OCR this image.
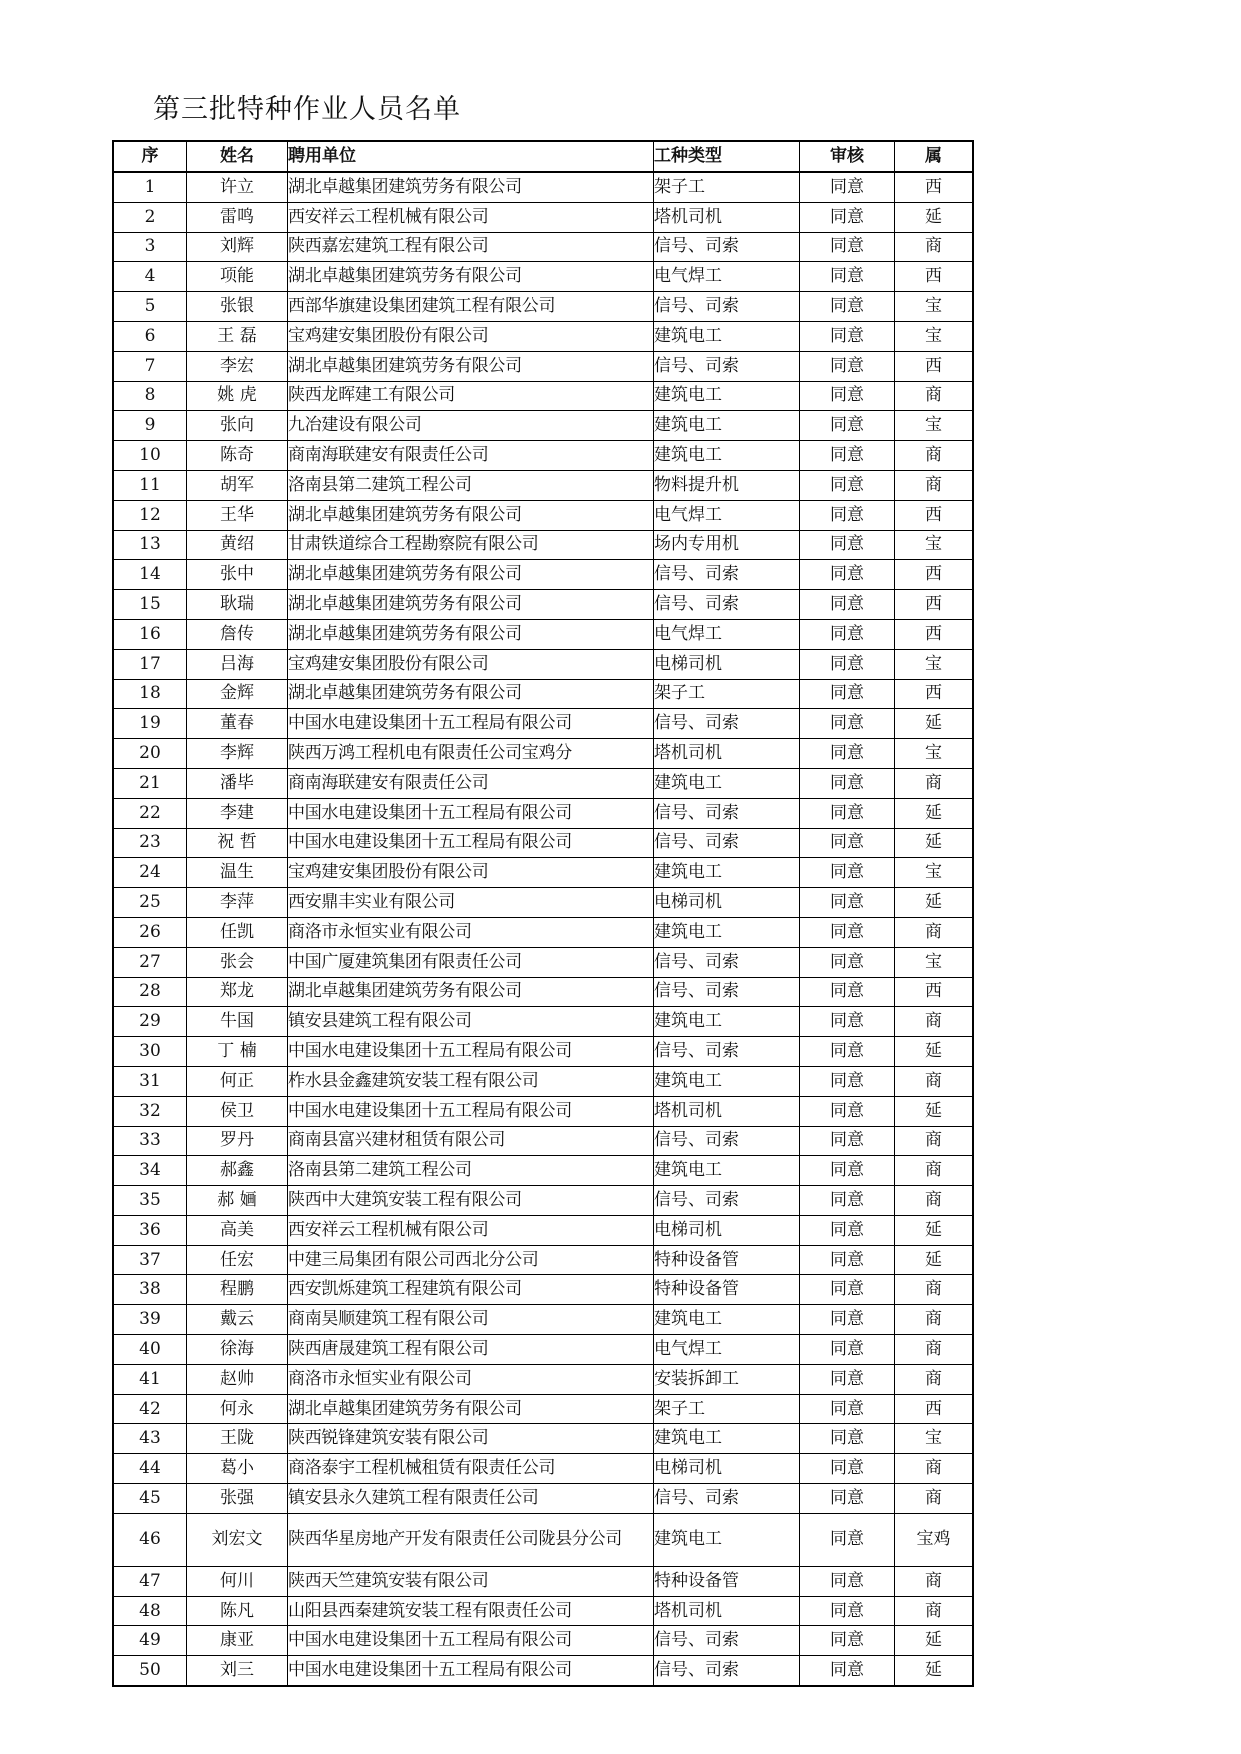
第三批特种作业人员名单
序	姓名	聘用单位	工种类型	审核	属
1	许立	湖北卓越集团建筑劳务有限公司	架子工	同意	西
2	雷鸣	西安祥云工程机械有限公司	塔机司机	同意	延
3	刘辉	陕西嘉宏建筑工程有限公司	信号、司索	同意	商
4	项能	湖北卓越集团建筑劳务有限公司	电气焊工	同意	西
5	张银	西部华旗建设集团建筑工程有限公司	信号、司索	同意	宝
6	王 磊	宝鸡建安集团股份有限公司	建筑电工	同意	宝
7	李宏	湖北卓越集团建筑劳务有限公司	信号、司索	同意	西
8	姚 虎	陕西龙晖建工有限公司	建筑电工	同意	商
9	张向	九冶建设有限公司	建筑电工	同意	宝
10	陈奇	商南海联建安有限责任公司	建筑电工	同意	商
11	胡军	洛南县第二建筑工程公司	物料提升机	同意	商
12	王华	湖北卓越集团建筑劳务有限公司	电气焊工	同意	西
13	黄绍	甘肃铁道综合工程勘察院有限公司	场内专用机	同意	宝
14	张中	湖北卓越集团建筑劳务有限公司	信号、司索	同意	西
15	耿瑞	湖北卓越集团建筑劳务有限公司	信号、司索	同意	西
16	詹传	湖北卓越集团建筑劳务有限公司	电气焊工	同意	西
17	吕海	宝鸡建安集团股份有限公司	电梯司机	同意	宝
18	金辉	湖北卓越集团建筑劳务有限公司	架子工	同意	西
19	董春	中国水电建设集团十五工程局有限公司	信号、司索	同意	延
20	李辉	陕西万鸿工程机电有限责任公司宝鸡分	塔机司机	同意	宝
21	潘毕	商南海联建安有限责任公司	建筑电工	同意	商
22	李建	中国水电建设集团十五工程局有限公司	信号、司索	同意	延
23	祝 哲	中国水电建设集团十五工程局有限公司	信号、司索	同意	延
24	温生	宝鸡建安集团股份有限公司	建筑电工	同意	宝
25	李萍	西安鼎丰实业有限公司	电梯司机	同意	延
26	任凯	商洛市永恒实业有限公司	建筑电工	同意	商
27	张会	中国广厦建筑集团有限责任公司	信号、司索	同意	宝
28	郑龙	湖北卓越集团建筑劳务有限公司	信号、司索	同意	西
29	牛国	镇安县建筑工程有限公司	建筑电工	同意	商
30	丁 楠	中国水电建设集团十五工程局有限公司	信号、司索	同意	延
31	何正	柞水县金鑫建筑安装工程有限公司	建筑电工	同意	商
32	侯卫	中国水电建设集团十五工程局有限公司	塔机司机	同意	延
33	罗丹	商南县富兴建材租赁有限公司	信号、司索	同意	商
34	郝鑫	洛南县第二建筑工程公司	建筑电工	同意	商
35	郝 婳	陕西中大建筑安装工程有限公司	信号、司索	同意	商
36	高美	西安祥云工程机械有限公司	电梯司机	同意	延
37	任宏	中建三局集团有限公司西北分公司	特种设备管	同意	延
38	程鹏	西安凯烁建筑工程建筑有限公司	特种设备管	同意	商
39	戴云	商南昊顺建筑工程有限公司	建筑电工	同意	商
40	徐海	陕西唐晟建筑工程有限公司	电气焊工	同意	商
41	赵帅	商洛市永恒实业有限公司	安装拆卸工	同意	商
42	何永	湖北卓越集团建筑劳务有限公司	架子工	同意	西
43	王陇	陕西锐锋建筑安装有限公司	建筑电工	同意	宝
44	葛小	商洛泰宇工程机械租赁有限责任公司	电梯司机	同意	商
45	张强	镇安县永久建筑工程有限责任公司	信号、司索	同意	商
46	刘宏文	陕西华星房地产开发有限责任公司陇县分公司	建筑电工	同意	宝鸡
47	何川	陕西天竺建筑安装有限公司	特种设备管	同意	商
48	陈凡	山阳县西秦建筑安装工程有限责任公司	塔机司机	同意	商
49	康亚	中国水电建设集团十五工程局有限公司	信号、司索	同意	延
50	刘三	中国水电建设集团十五工程局有限公司	信号、司索	同意	延
